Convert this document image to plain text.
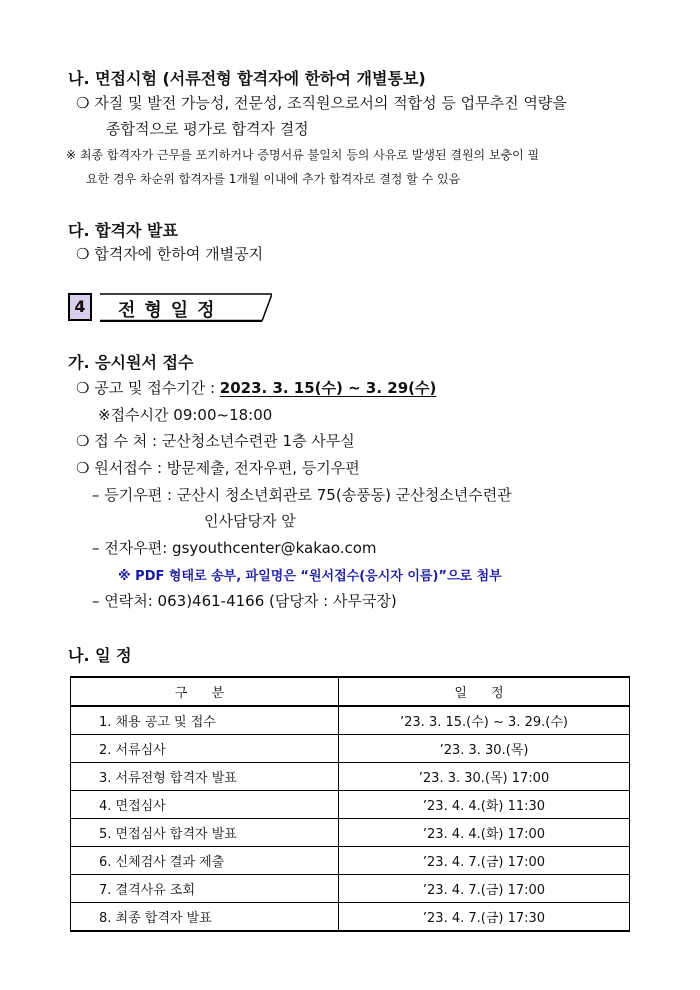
나. 면접시험 (서류전형 합격자에 한하여 개별통보)
❍ 자질 및 발전 가능성, 전문성, 조직원으로서의 적합성 등 업무추진 역량을
종합적으로 평가로 합격자 결정
※ 최종 합격자가 근무를 포기하거나 증명서류 불일치 등의 사유로 발생된 결원의 보충이 필
요한 경우 차순위 합격자를 1개월 이내에 추가 합격자로 결정 할 수 있음
다. 합격자 발표
❍ 합격자에 한하여 개별공지
4	전형일정
가. 응시원서 접수
❍ 공고 및 접수기간 : 2023. 3. 15(수) ~ 3. 29(수)
※접수시간 09:00~18:00
❍ 접 수 처 : 군산청소년수련관 1층 사무실
❍ 원서접수 : 방문제출, 전자우편, 등기우편
– 등기우편 : 군산시 청소년회관로 75(송풍동) 군산청소년수련관
인사담당자 앞
– 전자우편: gsyouthcenter@kakao.com
※ PDF 형태로 송부, 파일명은 “원서접수(응시자 이름)”으로 첨부
– 연락처: 063)461-4166 (담당자 : 사무국장)
나. 일 정
구 분	일 정
1. 채용 공고 및 접수	’23. 3. 15.(수) ~ 3. 29.(수)
2. 서류심사	’23. 3. 30.(목)
3. 서류전형 합격자 발표	’23. 3. 30.(목) 17:00
4. 면접심사	’23. 4. 4.(화) 11:30
5. 면접심사 합격자 발표	’23. 4. 4.(화) 17:00
6. 신체검사 결과 제출	’23. 4. 7.(금) 17:00
7. 결격사유 조회	’23. 4. 7.(금) 17:00
8. 최종 합격자 발표	’23. 4. 7.(금) 17:30
